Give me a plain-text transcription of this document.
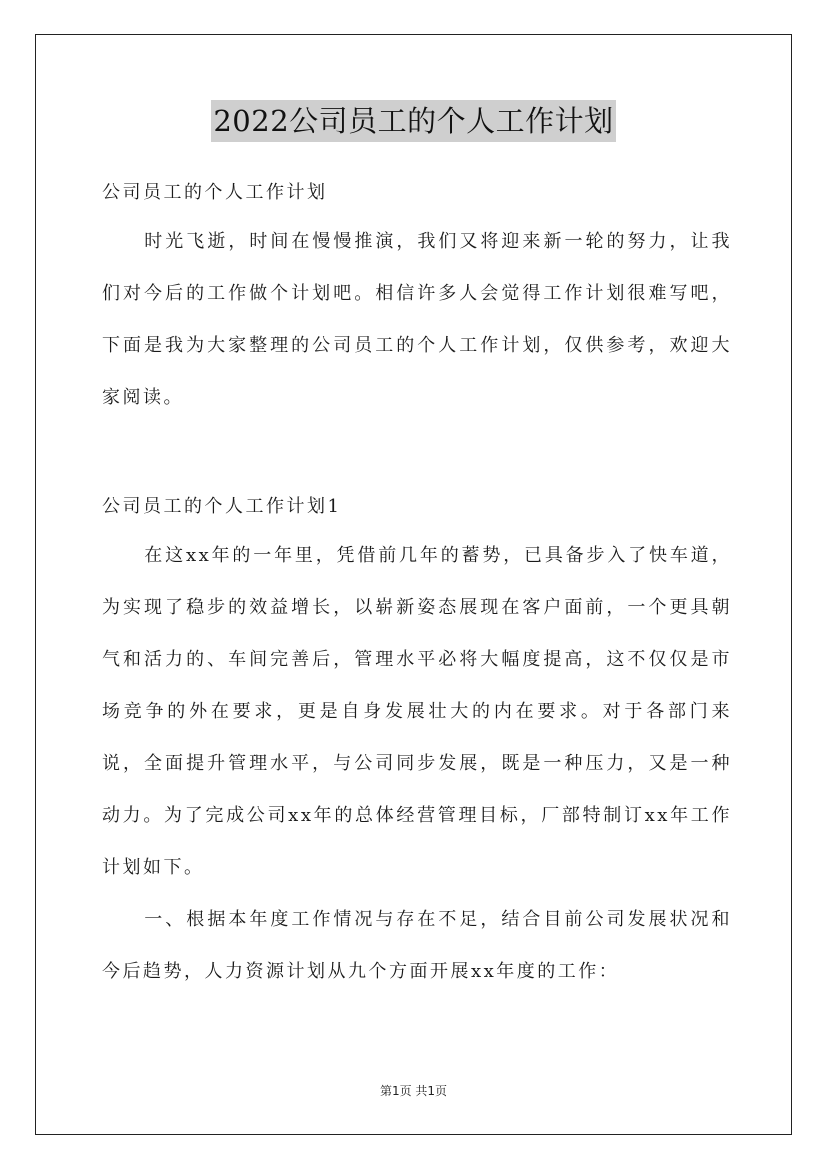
2022公司员工的个人工作计划

公司员工的个人工作计划

时光飞逝，时间在慢慢推演，我们又将迎来新一轮的努力，让我们对今后的工作做个计划吧。相信许多人会觉得工作计划很难写吧，下面是我为大家整理的公司员工的个人工作计划，仅供参考，欢迎大家阅读。

公司员工的个人工作计划1

在这xx年的一年里，凭借前几年的蓄势，已具备步入了快车道，为实现了稳步的效益增长，以崭新姿态展现在客户面前，一个更具朝气和活力的、车间完善后，管理水平必将大幅度提高，这不仅仅是市场竞争的外在要求，更是自身发展壮大的内在要求。对于各部门来说，全面提升管理水平，与公司同步发展，既是一种压力，又是一种动力。为了完成公司xx年的总体经营管理目标，厂部特制订xx年工作计划如下。

一、根据本年度工作情况与存在不足，结合目前公司发展状况和今后趋势，人力资源计划从九个方面开展xx年度的工作：

第1页 共1页
